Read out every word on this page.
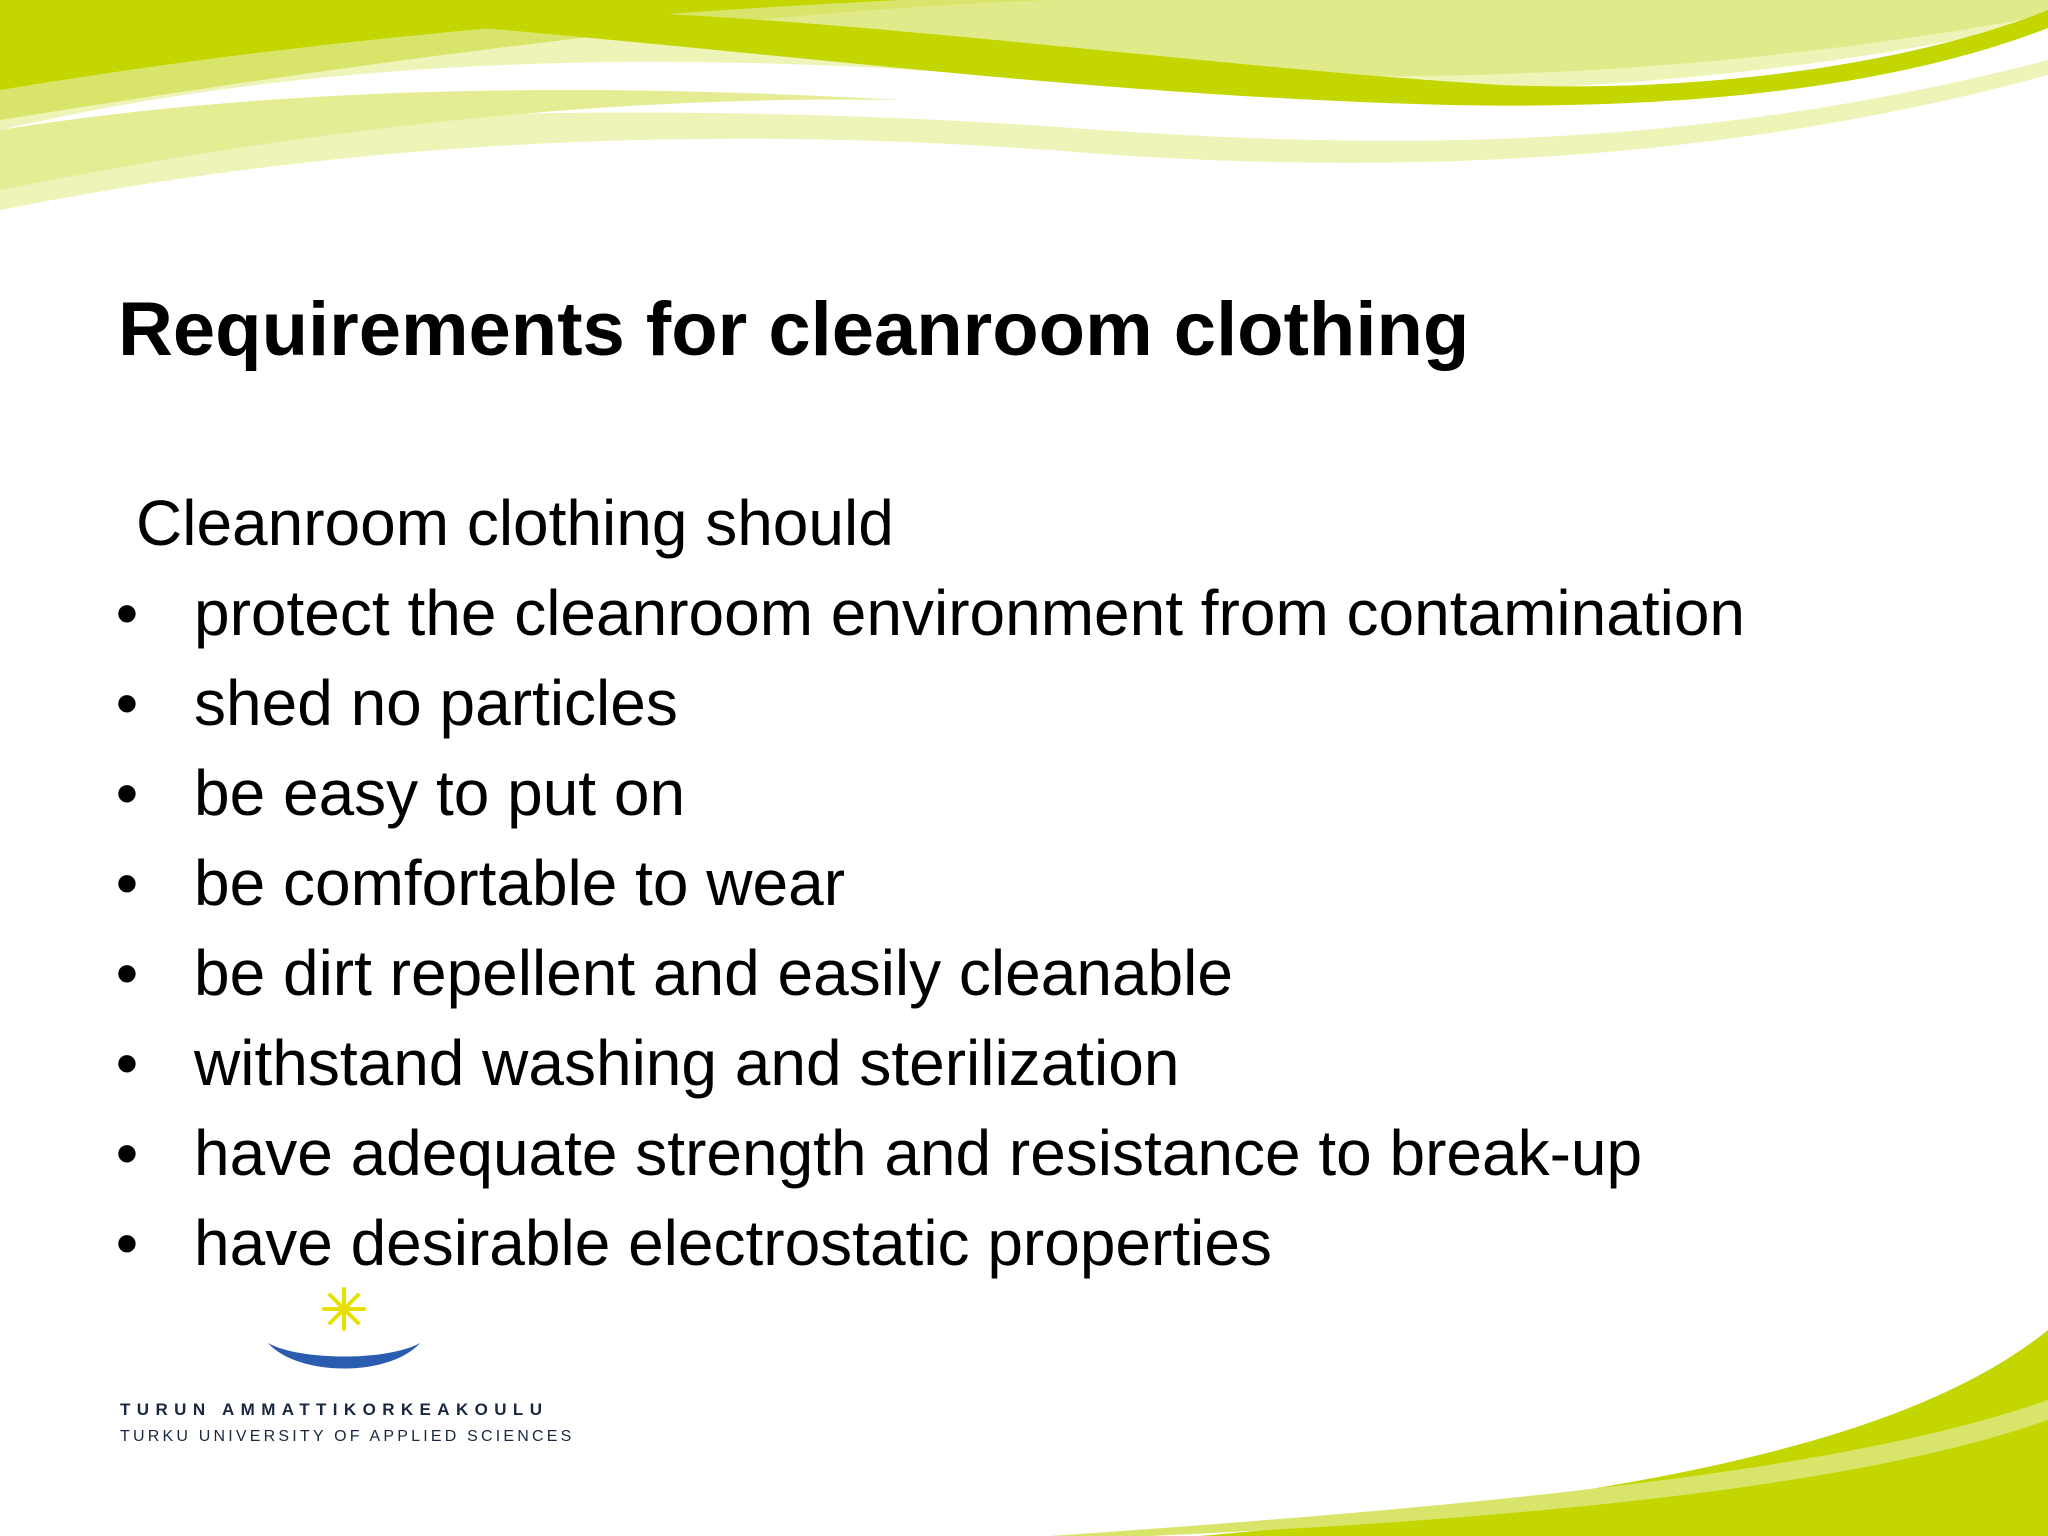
Requirements for cleanroom clothing

Cleanroom clothing should

• protect the cleanroom environment from contamination
• shed no particles
• be easy to put on
• be comfortable to wear
• be dirt repellent and easily cleanable
• withstand washing and sterilization
• have adequate strength and resistance to break-up
• have desirable electrostatic properties

TURUN AMMATTIKORKEAKOULU

TURKU UNIVERSITY OF APPLIED SCIENCES
